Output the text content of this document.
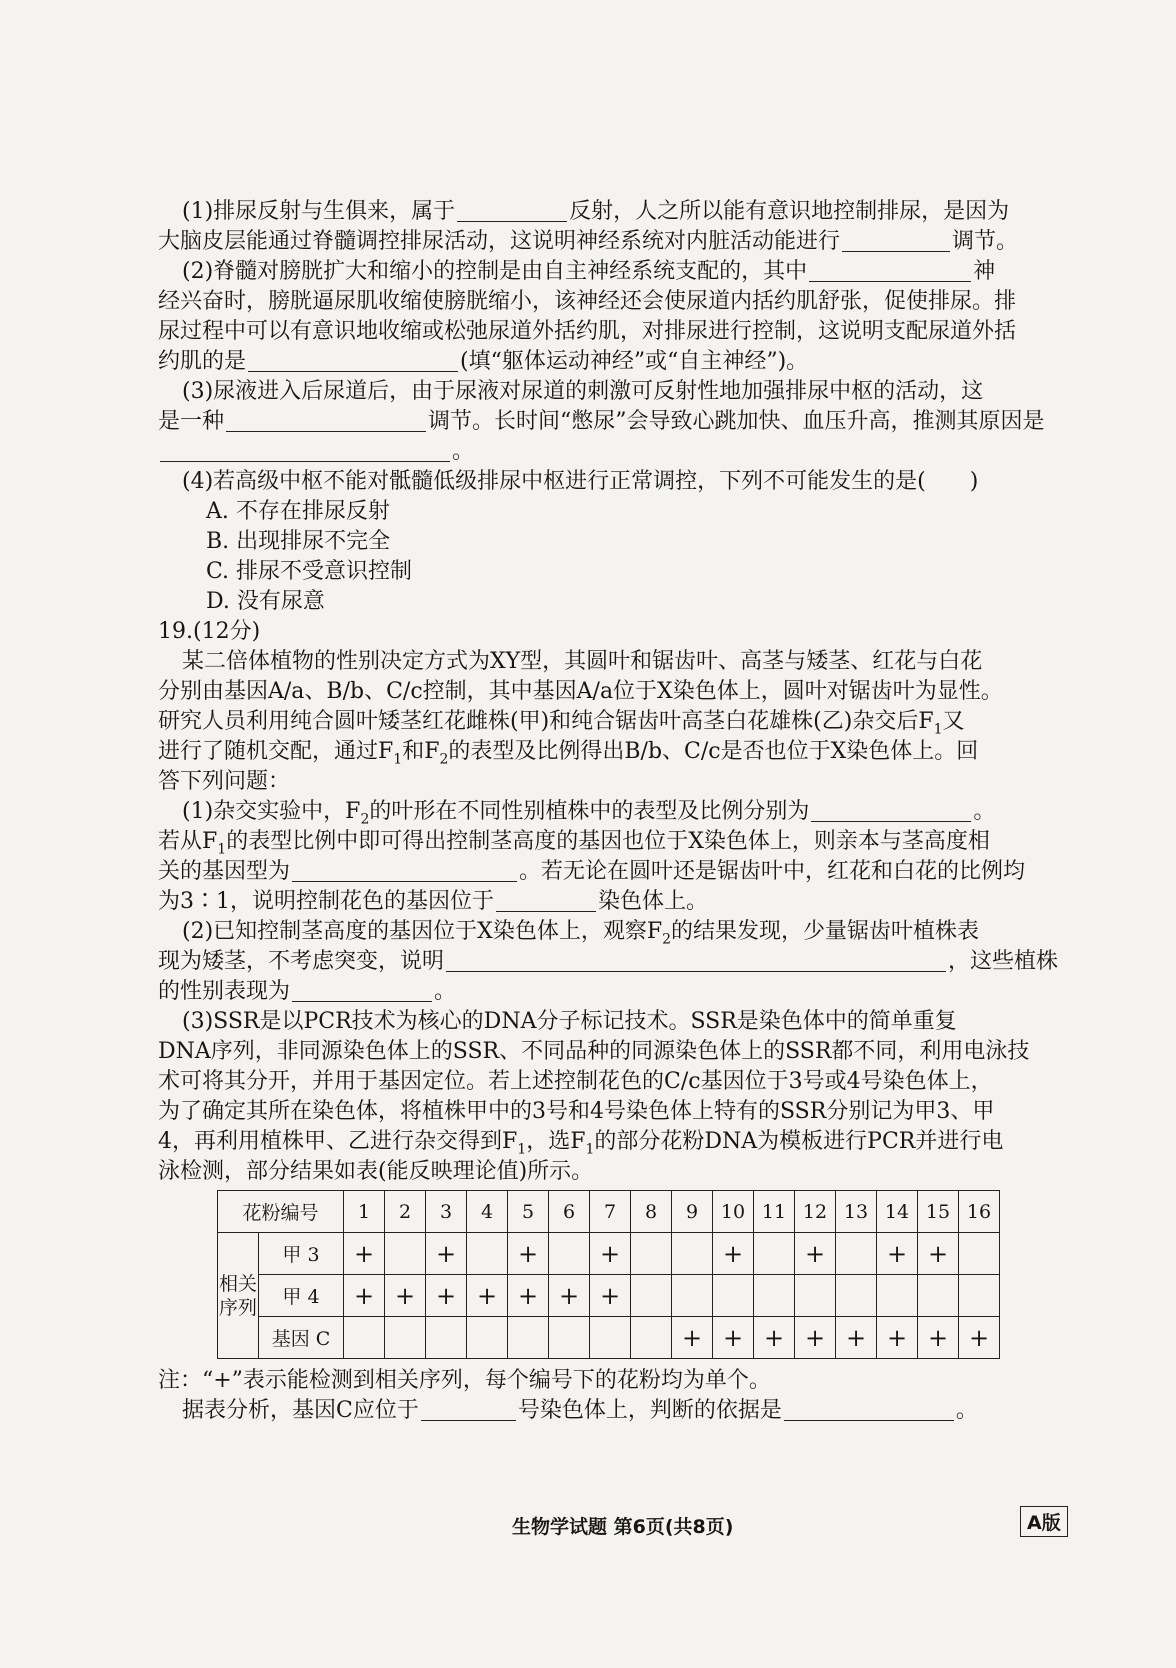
(1)排尿反射与生俱来，属于	反射，人之所以能有意识地控制排尿，是因为
大脑皮层能通过脊髓调控排尿活动，这说明神经系统对内脏活动能进行	调节。
(2)脊髓对膀胱扩大和缩小的控制是由自主神经系统支配的，其中	神
经兴奋时，膀胱逼尿肌收缩使膀胱缩小，该神经还会使尿道内括约肌舒张，促使排尿。排
尿过程中可以有意识地收缩或松弛尿道外括约肌，对排尿进行控制，这说明支配尿道外括
约肌的是	(填“躯体运动神经”或“自主神经”)。
(3)尿液进入后尿道后，由于尿液对尿道的刺激可反射性地加强排尿中枢的活动，这
是一种	调节。长时间“憋尿”会导致心跳加快、血压升高，推测其原因是
。
(4)若高级中枢不能对骶髓低级排尿中枢进行正常调控，下列不可能发生的是(　　)
A. 不存在排尿反射
B. 出现排尿不完全
C. 排尿不受意识控制
D. 没有尿意
19.(12分)
某二倍体植物的性别决定方式为XY型，其圆叶和锯齿叶、高茎与矮茎、红花与白花
分别由基因A/a、B/b、C/c控制，其中基因A/a位于X染色体上，圆叶对锯齿叶为显性。
研究人员利用纯合圆叶矮茎红花雌株(甲)和纯合锯齿叶高茎白花雄株(乙)杂交后$F_1$又
进行了随机交配，通过$F_1$和$F_2$的表型及比例得出B/b、C/c是否也位于X染色体上。回
答下列问题：
(1)杂交实验中，$F_2$的叶形在不同性别植株中的表型及比例分别为	。
若从$F_1$的表型比例中即可得出控制茎高度的基因也位于X染色体上，则亲本与茎高度相
关的基因型为	。若无论在圆叶还是锯齿叶中，红花和白花的比例均
为3∶1，说明控制花色的基因位于	染色体上。
(2)已知控制茎高度的基因位于X染色体上，观察$F_2$的结果发现，少量锯齿叶植株表
现为矮茎，不考虑突变，说明	，这些植株
的性别表现为	。
(3)SSR是以PCR技术为核心的DNA分子标记技术。SSR是染色体中的简单重复
DNA序列，非同源染色体上的SSR、不同品种的同源染色体上的SSR都不同，利用电泳技
术可将其分开，并用于基因定位。若上述控制花色的C/c基因位于3号或4号染色体上，
为了确定其所在染色体，将植株甲中的3号和4号染色体上特有的SSR分别记为甲3、甲
4，再利用植株甲、乙进行杂交得到$F_1$，选$F_1$的部分花粉DNA为模板进行PCR并进行电
泳检测，部分结果如表(能反映理论值)所示。
花粉编号		1	2	3	4	5	6	7	8	9	10	11	12	13	14	15	16
相关
序列	甲 3	+		+		+		+			+		+		+	+	
	甲 4	+	+	+	+	+	+	+									
	基因 C									+	+	+	+	+	+	+	+
注：“+”表示能检测到相关序列，每个编号下的花粉均为单个。
据表分析，基因C应位于	号染色体上，判断的依据是	。
生物学试题 第6页(共8页)	A版
